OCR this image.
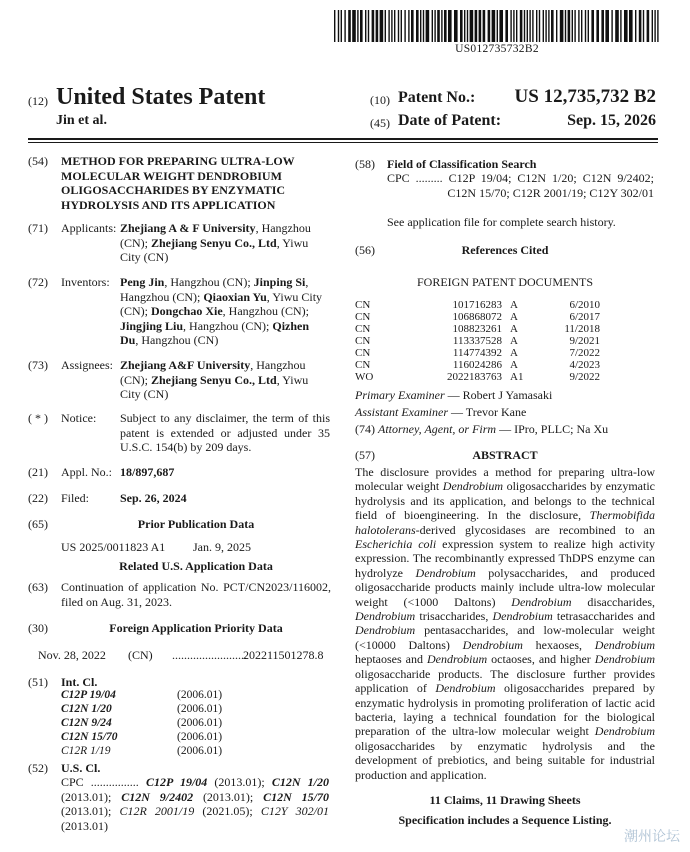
US012735732B2
(12) United States Patent
Jin et al.
(10) Patent No.: US 12,735,732 B2
(45) Date of Patent:	Sep. 15, 2026
(54) METHOD FOR PREPARING ULTRA-LOW MOLECULAR WEIGHT DENDROBIUM OLIGOSACCHARIDES BY ENZYMATIC HYDROLYSIS AND ITS APPLICATION
(71) Applicants: Zhejiang A & F University, Hangzhou (CN); Zhejiang Senyu Co., Ltd, Yiwu City (CN)
(72) Inventors: Peng Jin, Hangzhou (CN); Jinping Si, Hangzhou (CN); Qiaoxian Yu, Yiwu City (CN); Dongchao Xie, Hangzhou (CN); Jingjing Liu, Hangzhou (CN); Qizhen Du, Hangzhou (CN)
(73) Assignees: Zhejiang A&F University, Hangzhou (CN); Zhejiang Senyu Co., Ltd, Yiwu City (CN)
( * ) Notice: Subject to any disclaimer, the term of this patent is extended or adjusted under 35 U.S.C. 154(b) by 209 days.
(21) Appl. No.: 18/897,687
(22) Filed:	Sep. 26, 2024
(65)	Prior Publication Data
US 2025/0011823 A1 Jan. 9, 2025
Related U.S. Application Data
(63) Continuation of application No. PCT/CN2023/116002, filed on Aug. 31, 2023.
(30)	Foreign Application Priority Data
Nov. 28, 2022 (CN) .........................
202211501278.8
(51) Int. Cl.
C12P 19/04	(2006.01)
C12N 1/20	(2006.01)
C12N 9/24	(2006.01)
C12N 15/70	(2006.01)
C12R 1/19	(2006.01)
(52) U.S. Cl.
CPC ................ C12P 19/04 (2013.01); C12N 1/20 (2013.01); C12N 9/2402 (2013.01); C12N 15/70 (2013.01); C12R 2001/19 (2021.05); C12Y 302/01 (2013.01)
(58) Field of Classification Search
CPC ......... C12P 19/04; C12N 1/20; C12N 9/2402; C12N 15/70; C12R 2001/19; C12Y 302/01
See application file for complete search history.
(56)	References Cited
FOREIGN PATENT DOCUMENTS
CN	101716283	A	6/2010
CN	106868072	A	6/2017
CN	108823261	A	11/2018
CN	113337528	A	9/2021
CN	114774392	A	7/2022
CN	116024286	A	4/2023
WO	2022183763	A1	9/2022
Primary Examiner — Robert J Yamasaki
Assistant Examiner — Trevor Kane
(74) Attorney, Agent, or Firm — IPro, PLLC; Na Xu
(57)	ABSTRACT
The disclosure provides a method for preparing ultra-low molecular weight Dendrobium oligosaccharides by enzymatic hydrolysis and its application, and belongs to the technical field of bioengineering. In the disclosure, Thermobifida halotolerans-derived glycosidases are recombined to an Escherichia coli expression system to realize high activity expression. The recombinantly expressed ThDPS enzyme can hydrolyze Dendrobium polysaccharides, and produced oligosaccharide products mainly include ultra-low molecular weight (<1000 Daltons) Dendrobium disaccharides, Dendrobium trisaccharides, Dendrobium tetrasaccharides and Dendrobium pentasaccharides, and low-molecular weight (<10000 Daltons) Dendrobium hexaoses, Dendrobium heptaoses and Dendrobium octaoses, and higher Dendrobium oligosaccharide products. The disclosure further provides application of Dendrobium oligosaccharides prepared by enzymatic hydrolysis in promoting proliferation of lactic acid bacteria, laying a technical foundation for the biological preparation of the ultra-low molecular weight Dendrobium oligosaccharides by enzymatic hydrolysis and the development of prebiotics, and being suitable for industrial production and application.
11 Claims, 11 Drawing Sheets
Specification includes a Sequence Listing.
潮州论坛
